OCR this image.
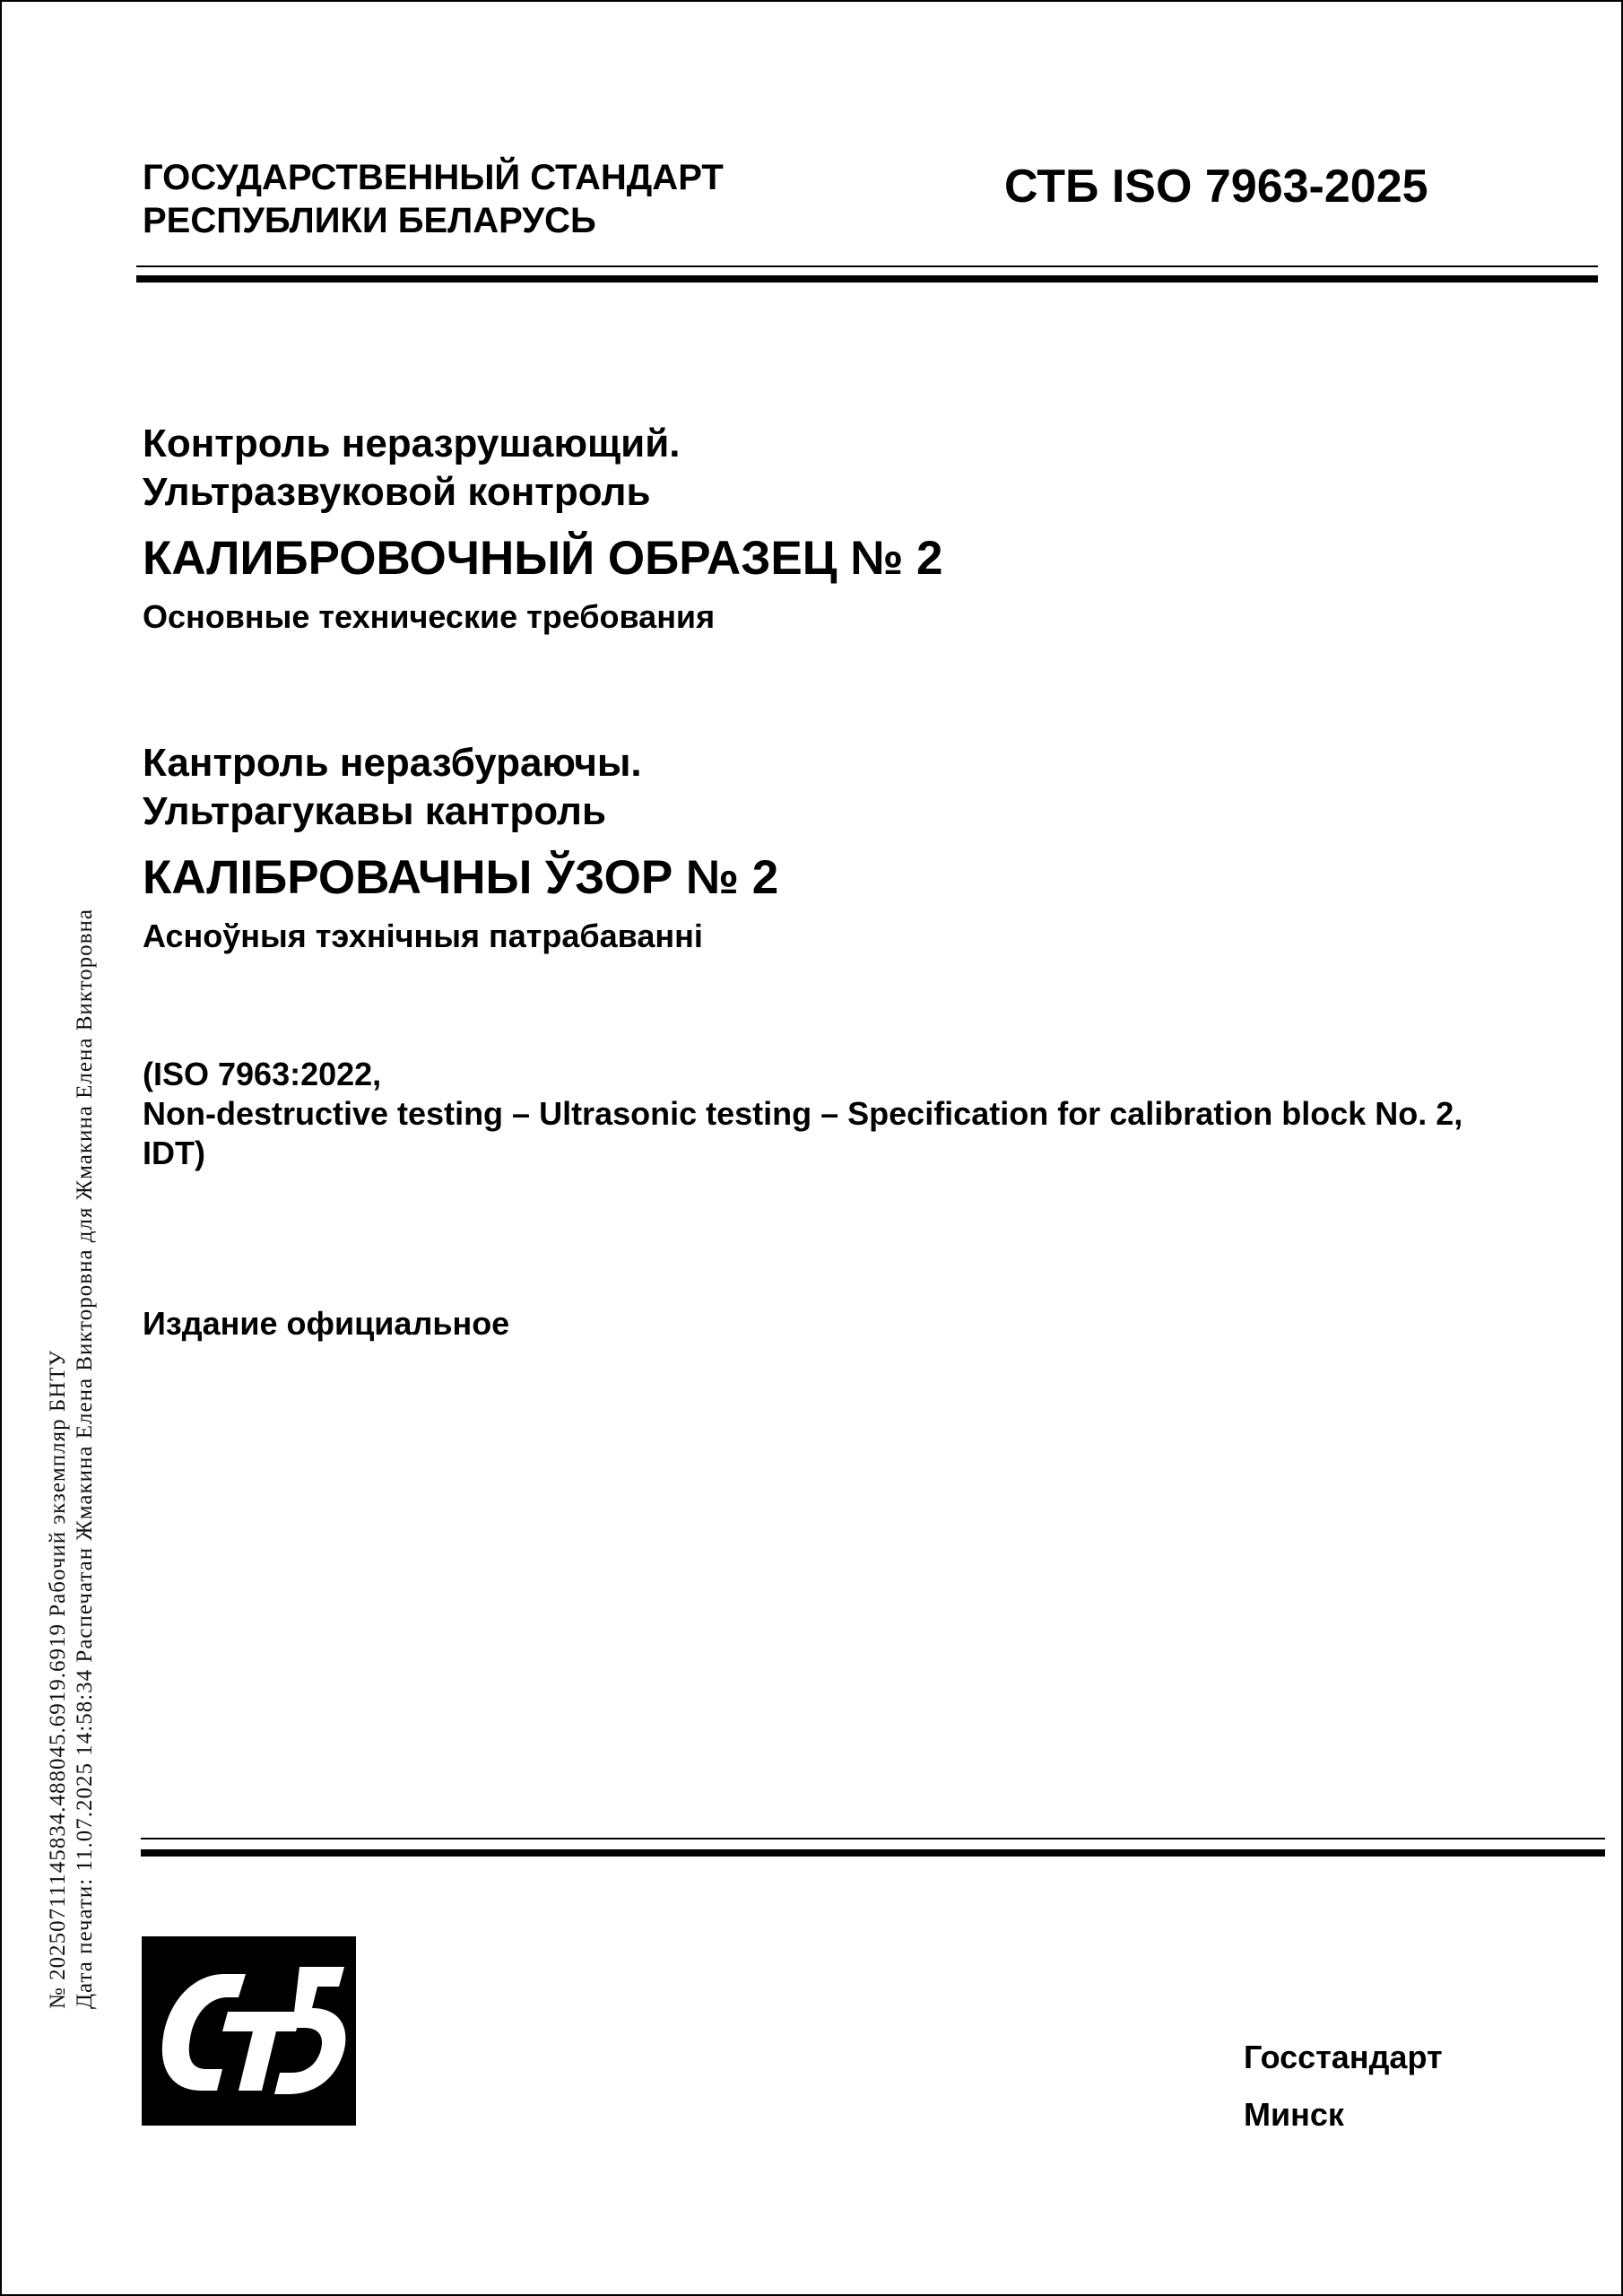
ГОСУДАРСТВЕННЫЙ СТАНДАРТ
РЕСПУБЛИКИ БЕЛАРУСЬ
СТБ ISO 7963-2025
Контроль неразрушающий.
Ультразвуковой контроль
КАЛИБРОВОЧНЫЙ ОБРАЗЕЦ № 2
Основные технические требования
Кантроль неразбураючы.
Ультрагукавы кантроль
КАЛІБРОВАЧНЫ ЎЗОР № 2
Асноўныя тэхнічныя патрабаванні
(ISO 7963:2022,
Non-destructive testing – Ultrasonic testing – Specification for calibration block No. 2,
IDT)
Издание официальное
№ 20250711145834.488045.6919.6919 Рабочий экземпляр БНТУ Дата печати: 11.07.2025 14:58:34 Распечатан Жмакина Елена Викторовна для Жмакина Елена Викторовна
Госстандарт
Минск
